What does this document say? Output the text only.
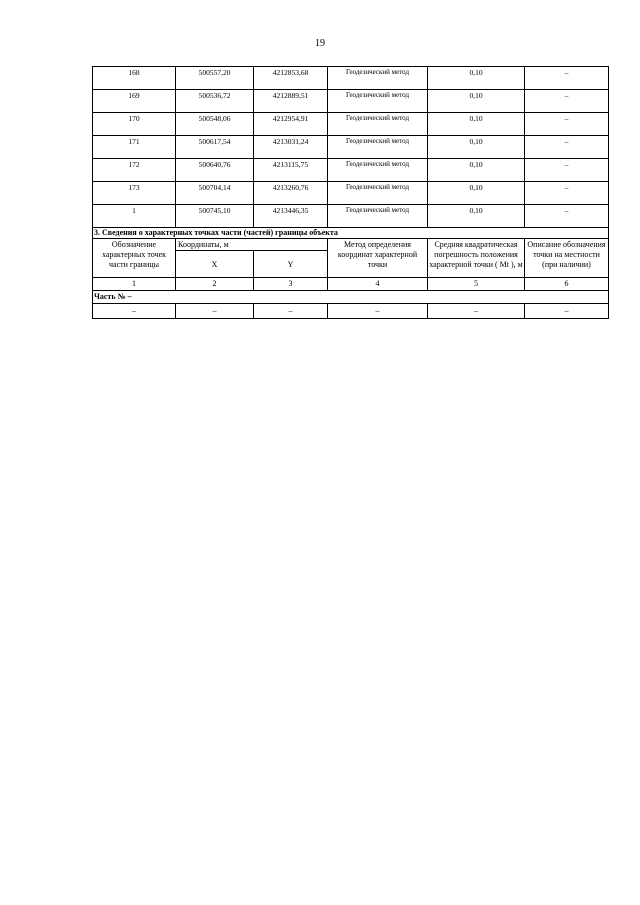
19
168	500557,20	4212853,68	Геодезический метод	0,10	–
169	500536,72	4212889,51	Геодезический метод	0,10	–
170	500548,06	4212954,91	Геодезический метод	0,10	–
171	500617,54	4213031,24	Геодезический метод	0,10	–
172	500640,76	4213115,75	Геодезический метод	0,10	–
173	500704,14	4213260,76	Геодезический метод	0,10	–
1	500745,10	4213446,35	Геодезический метод	0,10	–
3. Сведения о характерных точках части (частей) границы объекта					
Обозначение характерных точек части границы	Координаты, м		Метод определения координат характерной точки	Средняя квадратическая погрешность положения характерной точки ( Mt ), м	Описание обозначения точки на местности (при наличии)
	X	Y			
1	2	3	4	5	6
Часть № –					
–	–	–	–	–	–
